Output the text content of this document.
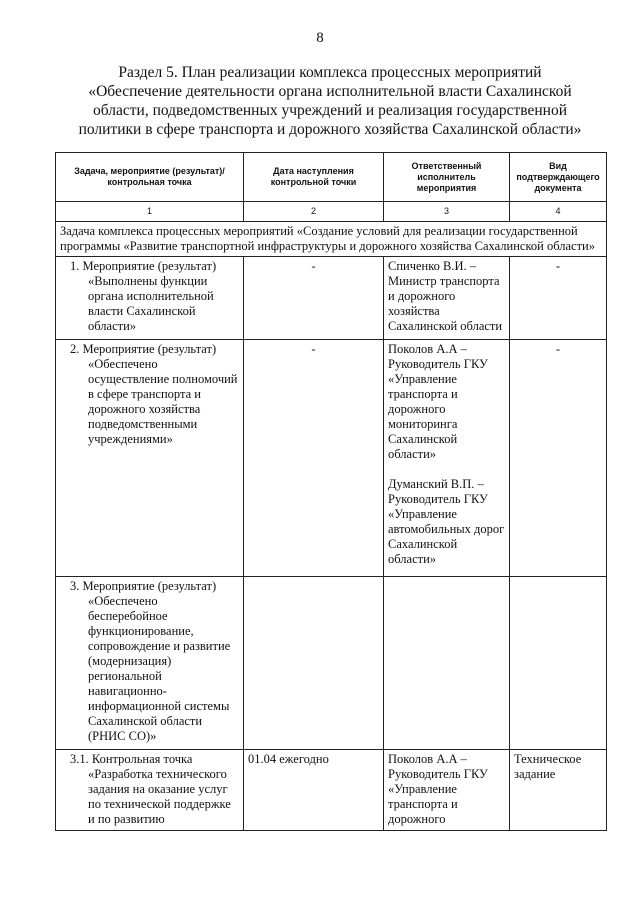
8
Раздел 5. План реализации комплекса процессных мероприятий
«Обеспечение деятельности органа исполнительной власти Сахалинской
области, подведомственных учреждений и реализация государственной
политики в сфере транспорта и дорожного хозяйства Сахалинской области»
Задача, мероприятие (результат)/контрольная точка	Дата наступления контрольной точки	Ответственный исполнитель мероприятия	Вид подтверждающего документа
1	2	3	4
Задача комплекса процессных мероприятий «Создание условий для реализации государственной программы «Развитие транспортной инфраструктуры и дорожного хозяйства Сахалинской области»			
1. Мероприятие (результат)
«Выполнены функции органа исполнительной власти Сахалинской области»	-	Спиченко В.И. – Министр транспорта и дорожного хозяйства Сахалинской области	-
2. Мероприятие (результат)
«Обеспечено осуществление полномочий в сфере транспорта и дорожного хозяйства подведомственными учреждениями»	-	Поколов А.А – Руководитель ГКУ «Управление транспорта и дорожного мониторинга Сахалинской области»
Думанский В.П. – Руководитель ГКУ «Управление автомобильных дорог Сахалинской области»	-
3. Мероприятие (результат)
«Обеспечено бесперебойное функционирование, сопровождение и развитие (модернизация) региональной навигационно-информационной системы Сахалинской области (РНИС СО)»			

3.1. Контрольная точка
«Разработка технического задания на оказание услуг по технической поддержке и по развитию	01.04 ежегодно	Поколов А.А – Руководитель ГКУ «Управление транспорта и дорожного	Техническое задание
